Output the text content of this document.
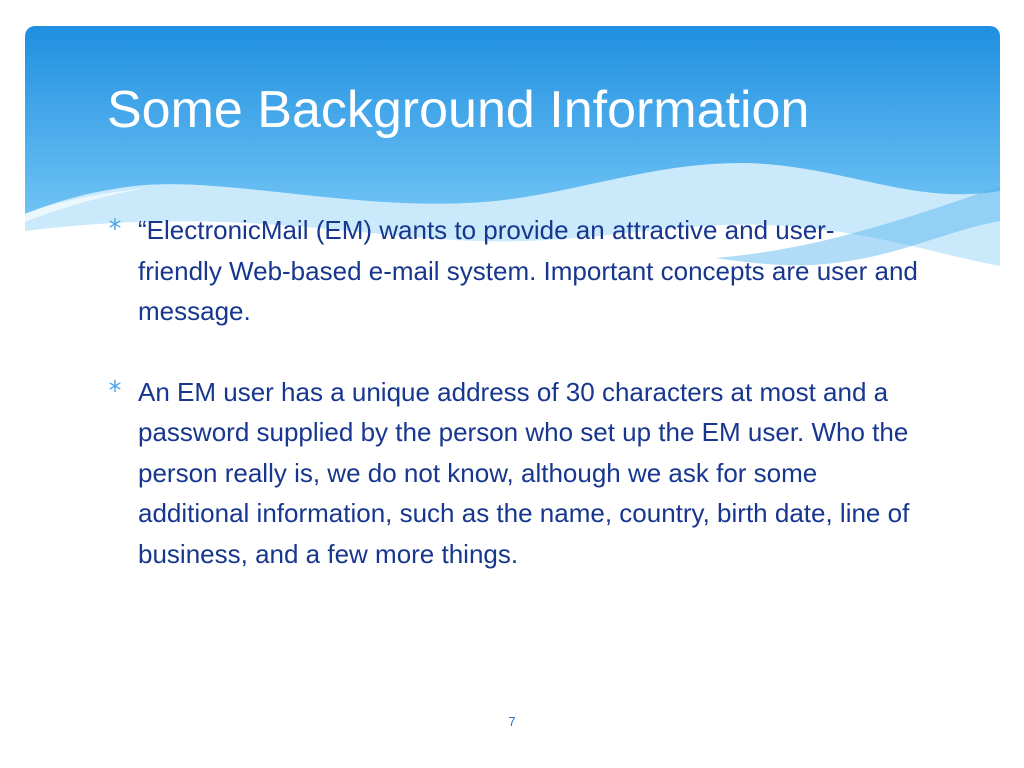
Some Background Information
“ElectronicMail (EM) wants to provide an attractive and user- friendly Web-based e-mail system. Important concepts are user and message.
An EM user has a unique address of 30 characters at most and a password supplied by the person who set up the EM user. Who the person really is, we do not know, although we ask for some additional information, such as the name, country, birth date, line of business, and a few more things.
7
